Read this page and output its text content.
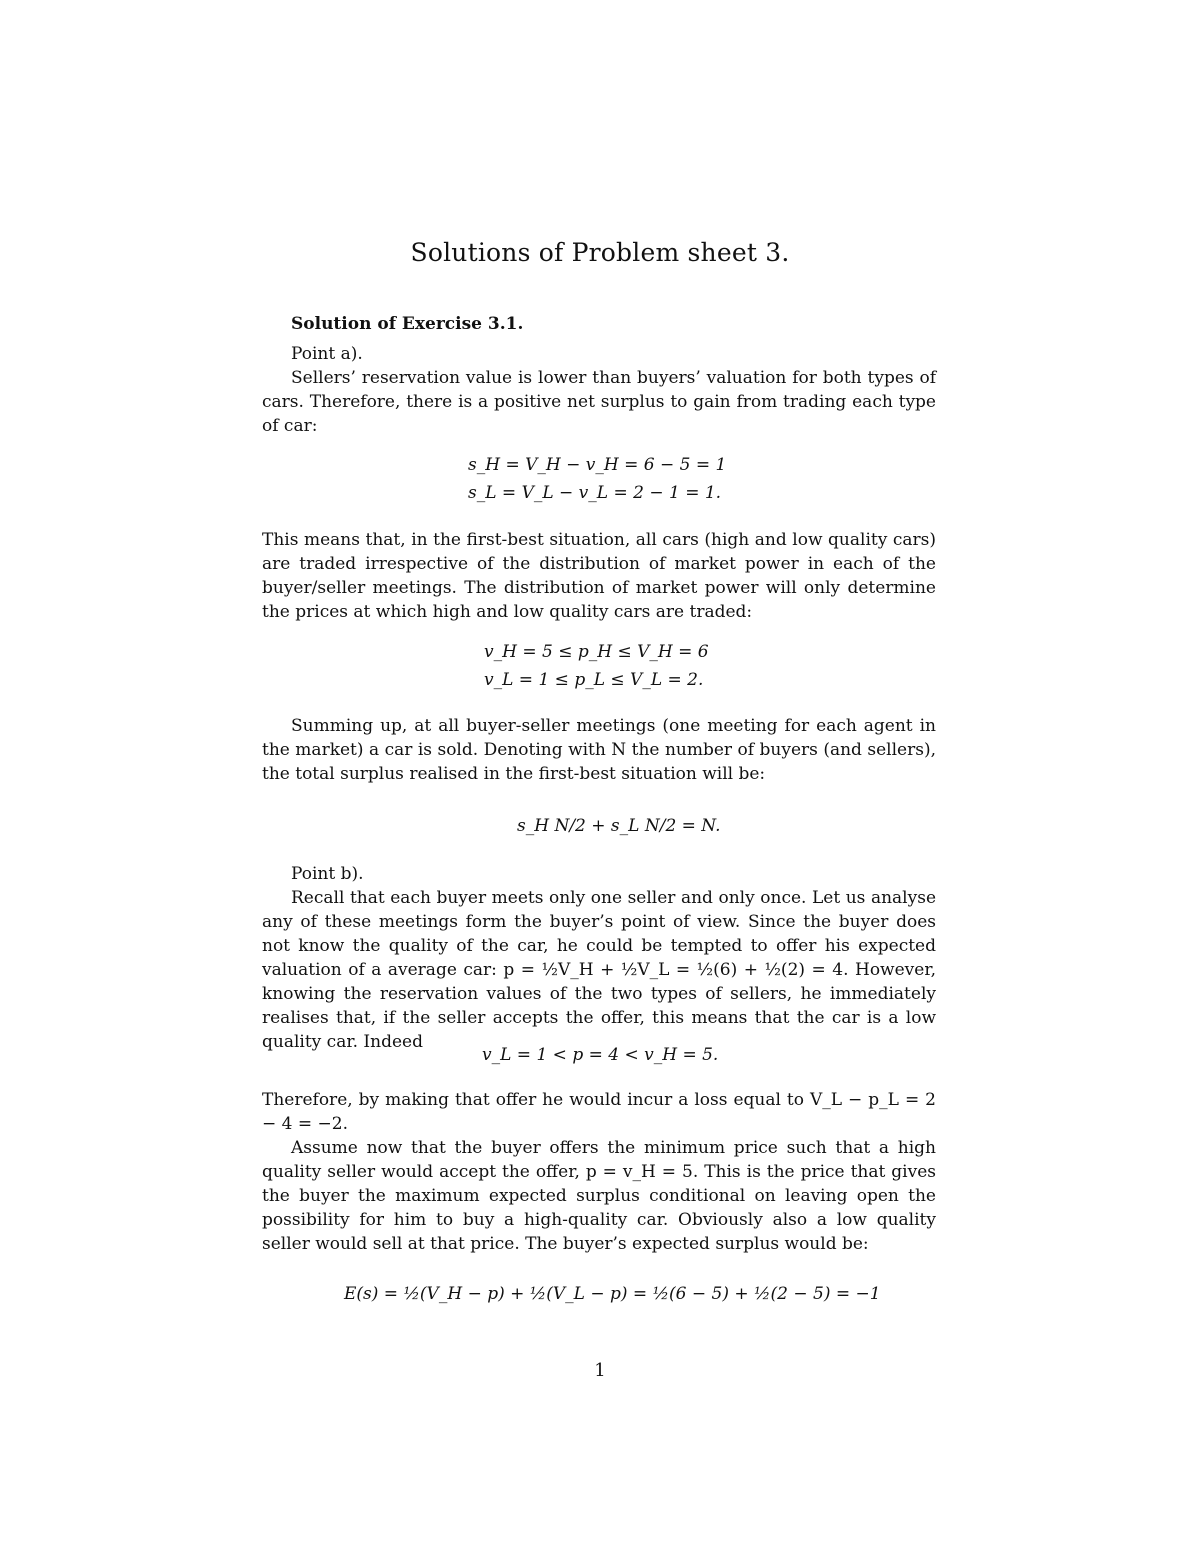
Solutions of Problem sheet 3.

Solution of Exercise 3.1.

Point a).

Sellers’ reservation value is lower than buyers’ valuation for both types of cars. Therefore, there is a positive net surplus to gain from trading each type of car:

s_H = V_H − v_H = 6 − 5 = 1
s_L = V_L − v_L = 2 − 1 = 1.

This means that, in the first-best situation, all cars (high and low quality cars) are traded irrespective of the distribution of market power in each of the buyer/seller meetings. The distribution of market power will only determine the prices at which high and low quality cars are traded:

v_H = 5 ≤ p_H ≤ V_H = 6
v_L = 1 ≤ p_L ≤ V_L = 2.

Summing up, at all buyer-seller meetings (one meeting for each agent in the market) a car is sold. Denoting with N the number of buyers (and sellers), the total surplus realised in the first-best situation will be:

s_H N/2 + s_L N/2 = N.

Point b).

Recall that each buyer meets only one seller and only once. Let us analyse any of these meetings form the buyer’s point of view. Since the buyer does not know the quality of the car, he could be tempted to offer his expected valuation of a average car: p = ½V_H + ½V_L = ½(6) + ½(2) = 4. However, knowing the reservation values of the two types of sellers, he immediately realises that, if the seller accepts the offer, this means that the car is a low quality car. Indeed

v_L = 1 < p = 4 < v_H = 5.

Therefore, by making that offer he would incur a loss equal to V_L − p_L = 2 − 4 = −2.

Assume now that the buyer offers the minimum price such that a high quality seller would accept the offer, p = v_H = 5. This is the price that gives the buyer the maximum expected surplus conditional on leaving open the possibility for him to buy a high-quality car. Obviously also a low quality seller would sell at that price. The buyer’s expected surplus would be:

E(s) = ½(V_H − p) + ½(V_L − p) = ½(6 − 5) + ½(2 − 5) = −1
1
